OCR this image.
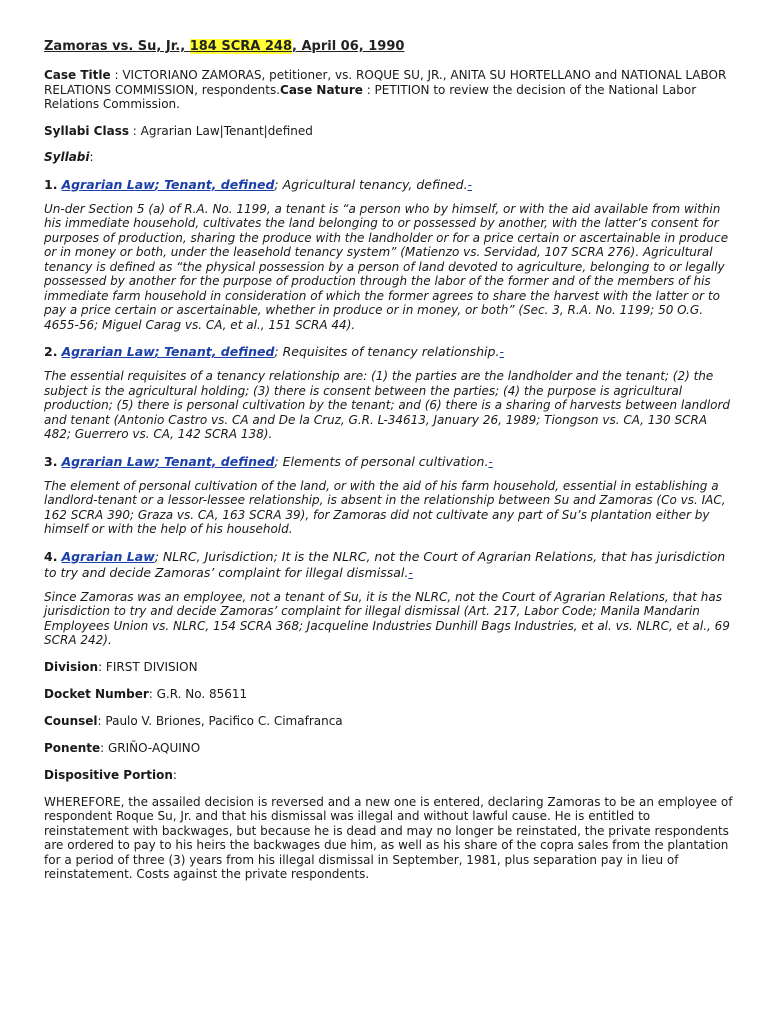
Zamoras vs. Su, Jr., 184 SCRA 248, April 06, 1990

Case Title : VICTORIANO ZAMORAS, petitioner, vs. ROQUE SU, JR., ANITA SU HORTELLANO and NATIONAL LABOR RELATIONS COMMISSION, respondents.Case Nature : PETITION to review the decision of the National Labor Relations Commission.

Syllabi Class : Agrarian Law|Tenant|defined

Syllabi:

1. Agrarian Law; Tenant, defined; Agricultural tenancy, defined.-

Un-der Section 5 (a) of R.A. No. 1199, a tenant is “a person who by himself, or with the aid available from within his immediate household, cultivates the land belonging to or possessed by another, with the latter’s consent for purposes of production, sharing the produce with the landholder or for a price certain or ascertainable in produce or in money or both, under the leasehold tenancy system” (Matienzo vs. Servidad, 107 SCRA 276). Agricultural tenancy is defined as “the physical possession by a person of land devoted to agriculture, belonging to or legally possessed by another for the purpose of production through the labor of the former and of the members of his immediate farm household in consideration of which the former agrees to share the harvest with the latter or to pay a price certain or ascertainable, whether in produce or in money, or both” (Sec. 3, R.A. No. 1199; 50 O.G. 4655-56; Miguel Carag vs. CA, et al., 151 SCRA 44).

2. Agrarian Law; Tenant, defined; Requisites of tenancy relationship.-

The essential requisites of a tenancy relationship are: (1) the parties are the landholder and the tenant; (2) the subject is the agricultural holding; (3) there is consent between the parties; (4) the purpose is agricultural production; (5) there is personal cultivation by the tenant; and (6) there is a sharing of harvests between landlord and tenant (Antonio Castro vs. CA and De la Cruz, G.R. L-34613, January 26, 1989; Tiongson vs. CA, 130 SCRA 482; Guerrero vs. CA, 142 SCRA 138).

3. Agrarian Law; Tenant, defined; Elements of personal cultivation.-

The element of personal cultivation of the land, or with the aid of his farm household, essential in establishing a landlord-tenant or a lessor-lessee relationship, is absent in the relationship between Su and Zamoras (Co vs. IAC, 162 SCRA 390; Graza vs. CA, 163 SCRA 39), for Zamoras did not cultivate any part of Su’s plantation either by himself or with the help of his household.

4. Agrarian Law; NLRC, Jurisdiction; It is the NLRC, not the Court of Agrarian Relations, that has jurisdiction to try and decide Zamoras’ complaint for illegal dismissal.-

Since Zamoras was an employee, not a tenant of Su, it is the NLRC, not the Court of Agrarian Relations, that has jurisdiction to try and decide Zamoras’ complaint for illegal dismissal (Art. 217, Labor Code; Manila Mandarin Employees Union vs. NLRC, 154 SCRA 368; Jacqueline Industries Dunhill Bags Industries, et al. vs. NLRC, et al., 69 SCRA 242).

Division: FIRST DIVISION

Docket Number: G.R. No. 85611

Counsel: Paulo V. Briones, Pacifico C. Cimafranca

Ponente: GRIÑO-AQUINO

Dispositive Portion:

WHEREFORE, the assailed decision is reversed and a new one is entered, declaring Zamoras to be an employee of respondent Roque Su, Jr. and that his dismissal was illegal and without lawful cause. He is entitled to reinstatement with backwages, but because he is dead and may no longer be reinstated, the private respondents are ordered to pay to his heirs the backwages due him, as well as his share of the copra sales from the plantation for a period of three (3) years from his illegal dismissal in September, 1981, plus separation pay in lieu of reinstatement. Costs against the private respondents.
